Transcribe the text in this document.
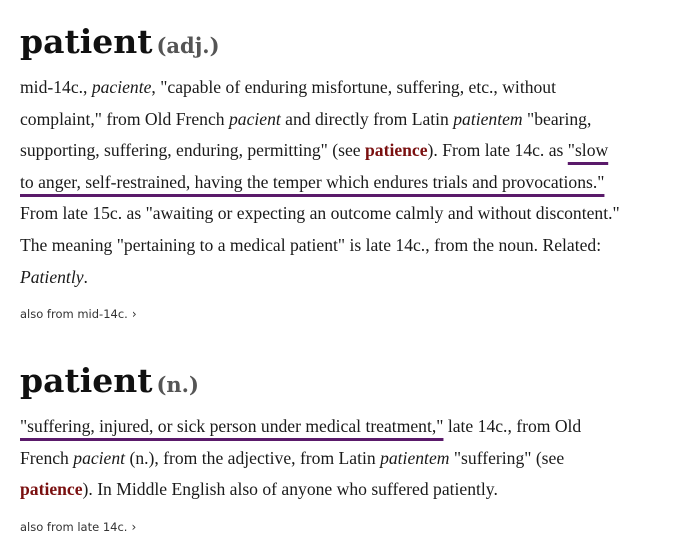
patient (adj.)
mid-14c., paciente, "capable of enduring misfortune, suffering, etc., without
complaint," from Old French pacient and directly from Latin patientem "bearing,
supporting, suffering, enduring, permitting" (see patience). From late 14c. as "slow
to anger, self-restrained, having the temper which endures trials and provocations."
From late 15c. as "awaiting or expecting an outcome calmly and without discontent."
The meaning "pertaining to a medical patient" is late 14c., from the noun. Related:
Patiently.
also from mid-14c. ›
patient (n.)
"suffering, injured, or sick person under medical treatment," late 14c., from Old
French pacient (n.), from the adjective, from Latin patientem "suffering" (see
patience). In Middle English also of anyone who suffered patiently.
also from late 14c. ›
